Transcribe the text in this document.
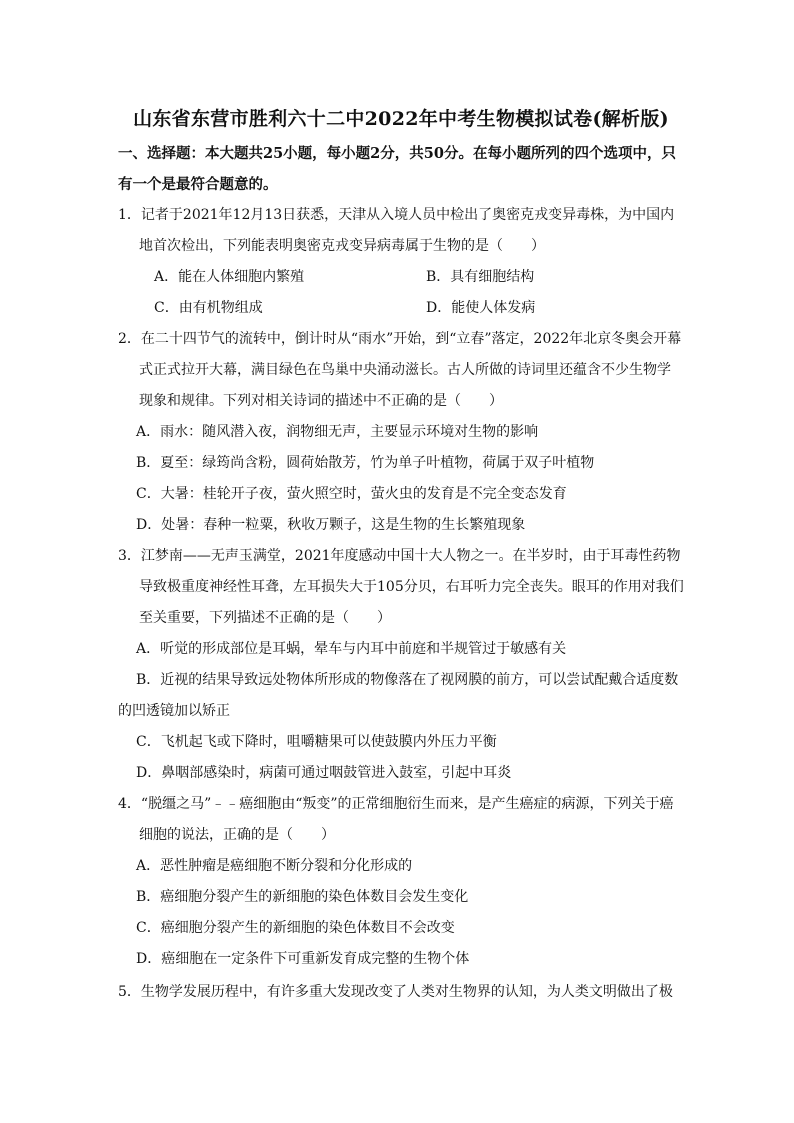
山东省东营市胜利六十二中2022年中考生物模拟试卷(解析版)
一、选择题：本大题共25小题，每小题2分，共50分。在每小题所列的四个选项中，只
有一个是最符合题意的。
1．记者于2021年12月13日获悉，天津从入境人员中检出了奥密克戎变异毒株，为中国内地首次检出，下列能表明奥密克戎变异病毒属于生物的是（　　）
A．能在人体细胞内繁殖	B．具有细胞结构
C．由有机物组成	D．能使人体发病
2．在二十四节气的流转中，倒计时从“雨水”开始，到“立春”落定，2022年北京冬奥会开幕式正式拉开大幕，满目绿色在鸟巢中央涌动滋长。古人所做的诗词里还蕴含不少生物学现象和规律。下列对相关诗词的描述中不正确的是（　　）
A．雨水：随风潜入夜，润物细无声，主要显示环境对生物的影响
B．夏至：绿筠尚含粉，圆荷始散芳，竹为单子叶植物，荷属于双子叶植物
C．大暑：桂轮开子夜，萤火照空时，萤火虫的发育是不完全变态发育
D．处暑：春种一粒粟，秋收万颗子，这是生物的生长繁殖现象
3．江梦南——无声玉满堂，2021年度感动中国十大人物之一。在半岁时，由于耳毒性药物导致极重度神经性耳聋，左耳损失大于105分贝，右耳听力完全丧失。眼耳的作用对我们至关重要，下列描述不正确的是（　　）
A．听觉的形成部位是耳蜗，晕车与内耳中前庭和半规管过于敏感有关
B．近视的结果导致远处物体所形成的物像落在了视网膜的前方，可以尝试配戴合适度数
的凹透镜加以矫正
C．飞机起飞或下降时，咀嚼糖果可以使鼓膜内外压力平衡
D．鼻咽部感染时，病菌可通过咽鼓管进入鼓室，引起中耳炎
4．“脱缰之马”﹣﹣癌细胞由“叛变”的正常细胞衍生而来，是产生癌症的病源，下列关于癌细胞的说法，正确的是（　　）
A．恶性肿瘤是癌细胞不断分裂和分化形成的
B．癌细胞分裂产生的新细胞的染色体数目会发生变化
C．癌细胞分裂产生的新细胞的染色体数目不会改变
D．癌细胞在一定条件下可重新发育成完整的生物个体
5．生物学发展历程中，有许多重大发现改变了人类对生物界的认知，为人类文明做出了极
